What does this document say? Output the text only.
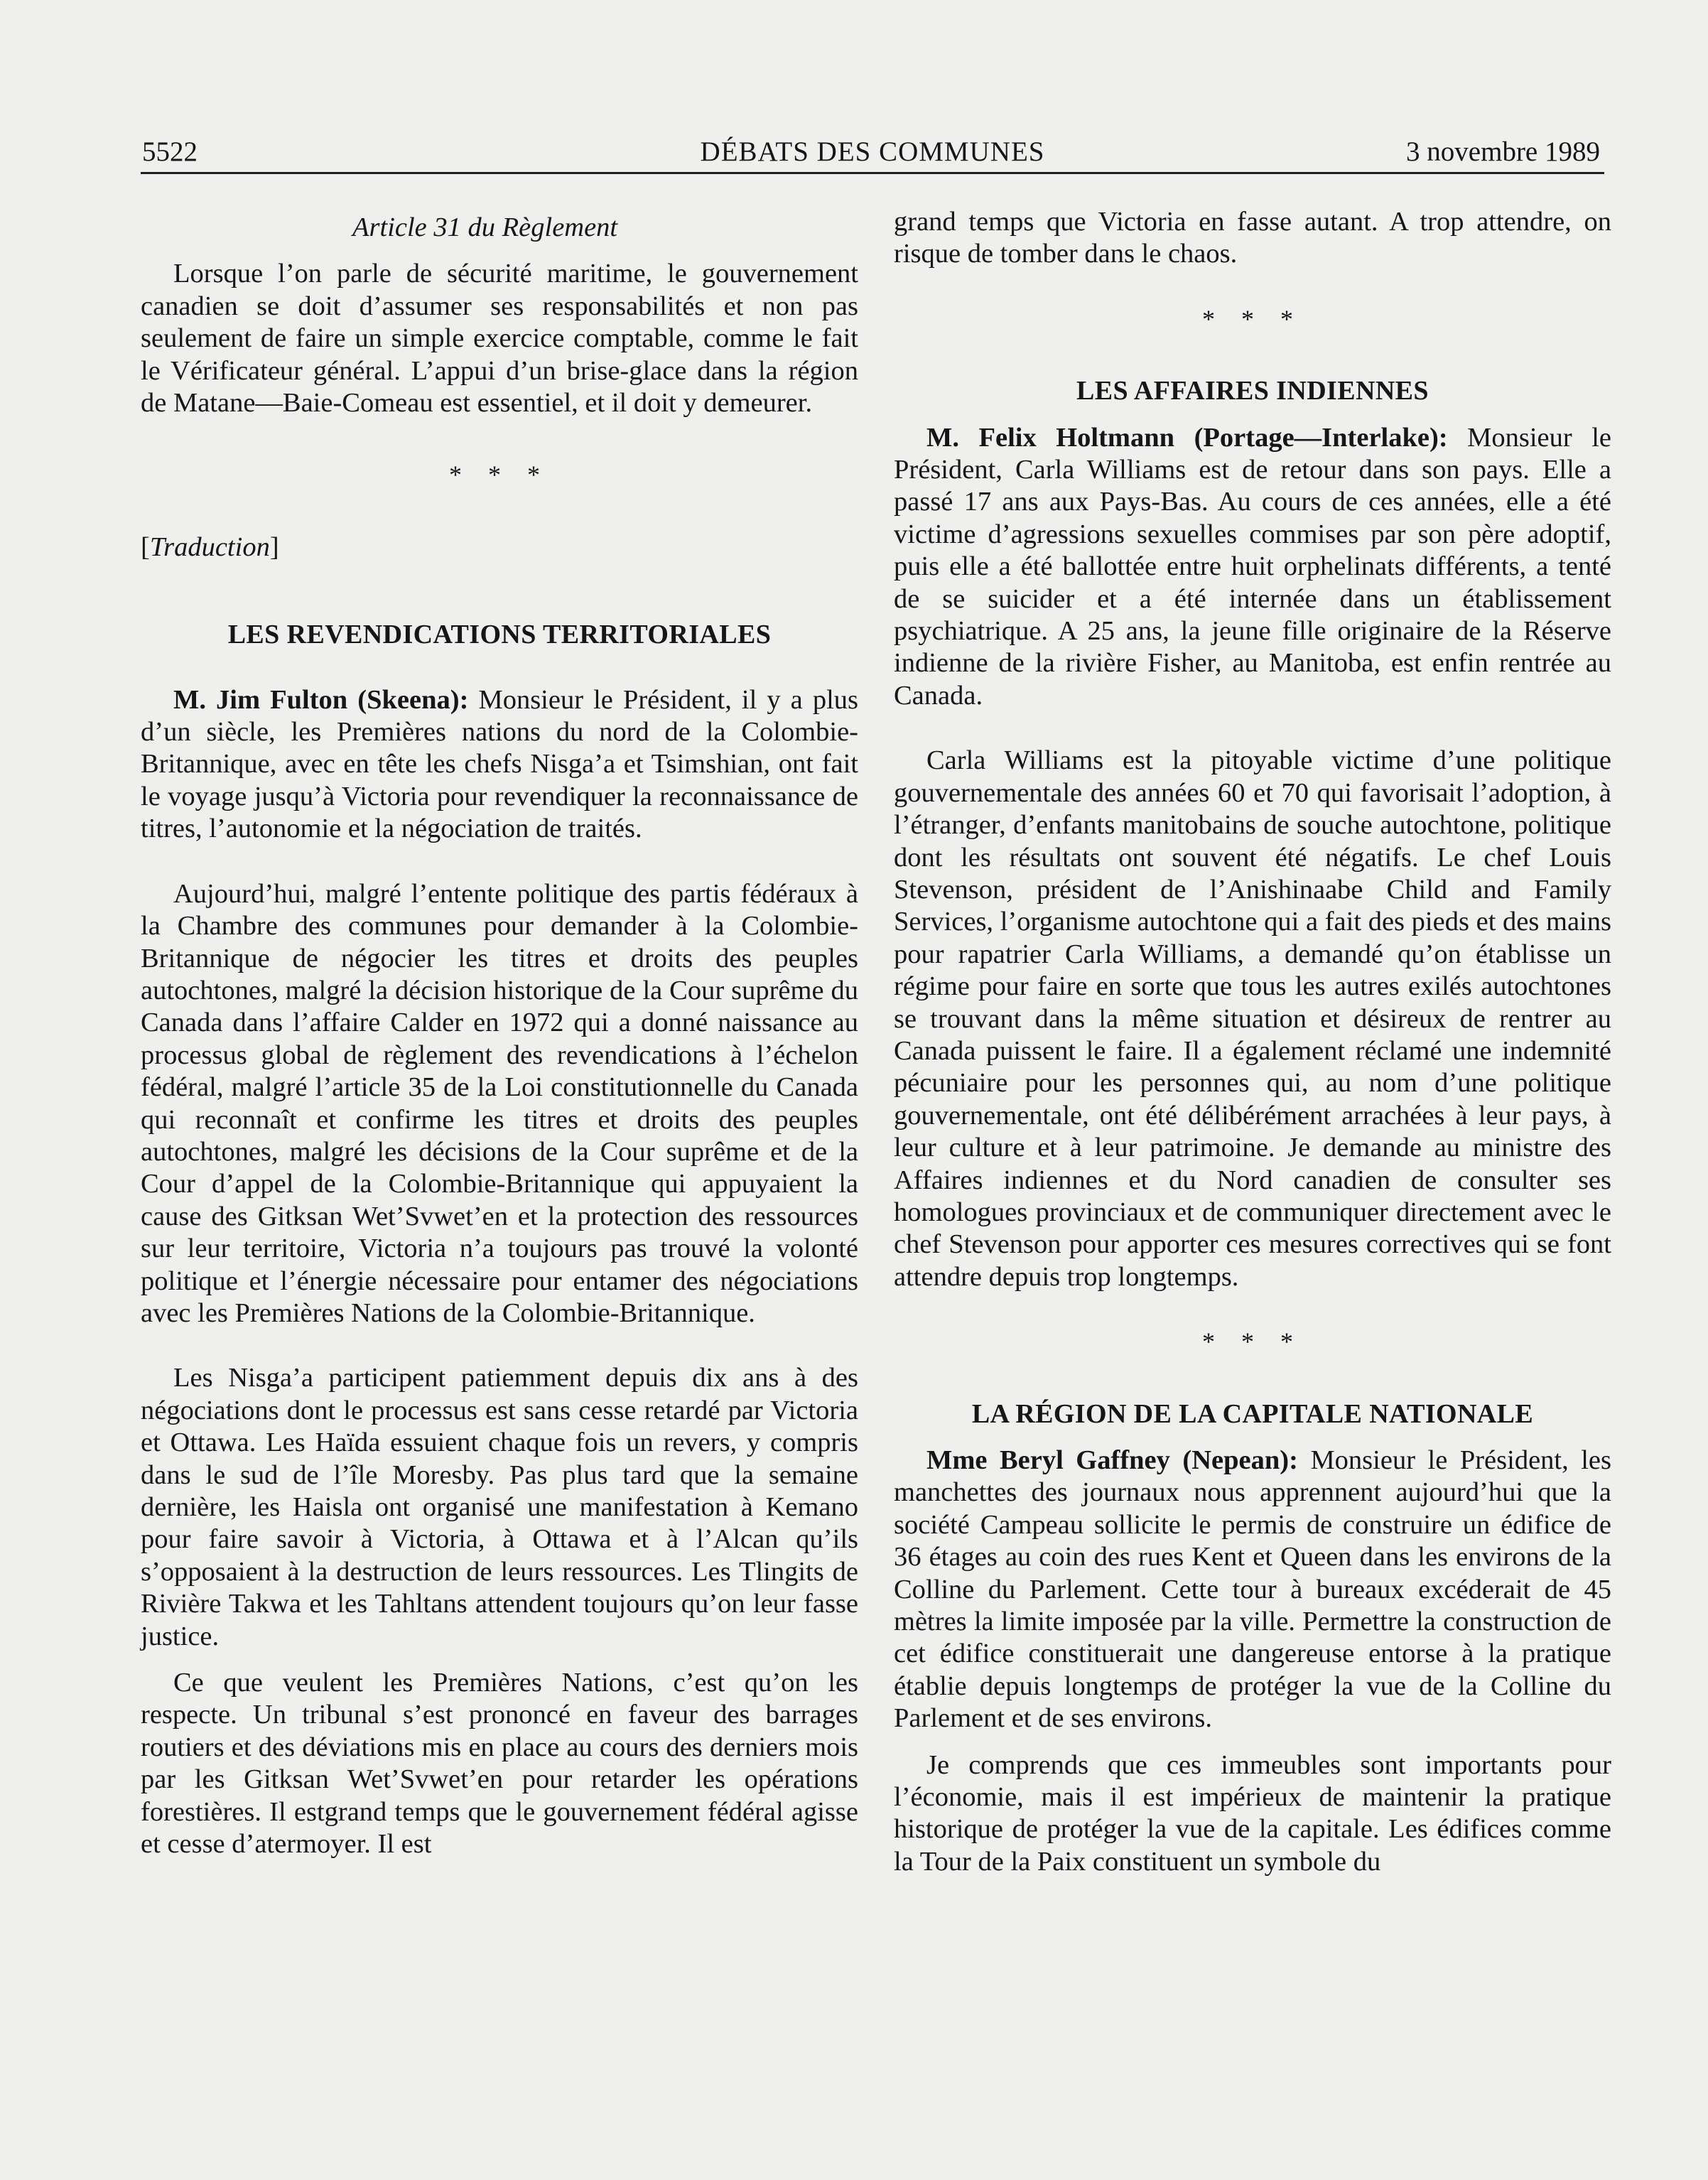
5522	DÉBATS DES COMMUNES	3 novembre 1989
Article 31 du Règlement

Lorsque l’on parle de sécurité maritime, le gouvernement canadien se doit d’assumer ses responsabilités et non pas seulement de faire un simple exercice comptable, comme le fait le Vérificateur général. L’appui d’un brise-glace dans la région de Matane—Baie-Comeau est essentiel, et il doit y demeurer.

* * *
[Traduction]
LES REVENDICATIONS TERRITORIALES

M. Jim Fulton (Skeena): Monsieur le Président, il y a plus d’un siècle, les Premières nations du nord de la Colombie-Britannique, avec en tête les chefs Nisga’a et Tsimshian, ont fait le voyage jusqu’à Victoria pour revendiquer la reconnaissance de titres, l’autonomie et la négociation de traités.

Aujourd’hui, malgré l’entente politique des partis fédéraux à la Chambre des communes pour demander à la Colombie-Britannique de négocier les titres et droits des peuples autochtones, malgré la décision historique de la Cour suprême du Canada dans l’affaire Calder en 1972 qui a donné naissance au processus global de règlement des revendications à l’échelon fédéral, malgré l’article 35 de la Loi constitutionnelle du Canada qui reconnaît et confirme les titres et droits des peuples autochtones, malgré les décisions de la Cour suprême et de la Cour d’appel de la Colombie-Britannique qui appuyaient la cause des Gitksan Wet’Svwet’en et la protection des ressources sur leur territoire, Victoria n’a toujours pas trouvé la volonté politique et l’énergie nécessaire pour entamer des négociations avec les Premières Nations de la Colombie-Britannique.

Les Nisga’a participent patiemment depuis dix ans à des négociations dont le processus est sans cesse retardé par Victoria et Ottawa. Les Haïda essuient chaque fois un revers, y compris dans le sud de l’île Moresby. Pas plus tard que la semaine dernière, les Haisla ont organisé une manifestation à Kemano pour faire savoir à Victoria, à Ottawa et à l’Alcan qu’ils s’opposaient à la destruction de leurs ressources. Les Tlingits de Rivière Takwa et les Tahltans attendent toujours qu’on leur fasse justice.

Ce que veulent les Premières Nations, c’est qu’on les respecte. Un tribunal s’est prononcé en faveur des barrages routiers et des déviations mis en place au cours des derniers mois par les Gitksan Wet’Svwet’en pour retarder les opérations forestières. Il estgrand temps que le gouvernement fédéral agisse et cesse d’atermoyer. Il est

grand temps que Victoria en fasse autant. A trop attendre, on risque de tomber dans le chaos.

* * *
LES AFFAIRES INDIENNES

M. Felix Holtmann (Portage—Interlake): Monsieur le Président, Carla Williams est de retour dans son pays. Elle a passé 17 ans aux Pays-Bas. Au cours de ces années, elle a été victime d’agressions sexuelles commises par son père adoptif, puis elle a été ballottée entre huit orphelinats différents, a tenté de se suicider et a été internée dans un établissement psychiatrique. A 25 ans, la jeune fille originaire de la Réserve indienne de la rivière Fisher, au Manitoba, est enfin rentrée au Canada.

Carla Williams est la pitoyable victime d’une politique gouvernementale des années 60 et 70 qui favorisait l’adoption, à l’étranger, d’enfants manitobains de souche autochtone, politique dont les résultats ont souvent été négatifs. Le chef Louis Stevenson, président de l’Anishinaabe Child and Family Services, l’organisme autochtone qui a fait des pieds et des mains pour rapatrier Carla Williams, a demandé qu’on établisse un régime pour faire en sorte que tous les autres exilés autochtones se trouvant dans la même situation et désireux de rentrer au Canada puissent le faire. Il a également réclamé une indemnité pécuniaire pour les personnes qui, au nom d’une politique gouvernementale, ont été délibérément arrachées à leur pays, à leur culture et à leur patrimoine. Je demande au ministre des Affaires indiennes et du Nord canadien de consulter ses homologues provinciaux et de communiquer directement avec le chef Stevenson pour apporter ces mesures correctives qui se font attendre depuis trop longtemps.

* * *
LA RÉGION DE LA CAPITALE NATIONALE

Mme Beryl Gaffney (Nepean): Monsieur le Président, les manchettes des journaux nous apprennent aujourd’hui que la société Campeau sollicite le permis de construire un édifice de 36 étages au coin des rues Kent et Queen dans les environs de la Colline du Parlement. Cette tour à bureaux excéderait de 45 mètres la limite imposée par la ville. Permettre la construction de cet édifice constituerait une dangereuse entorse à la pratique établie depuis longtemps de protéger la vue de la Colline du Parlement et de ses environs.

Je comprends que ces immeubles sont importants pour l’économie, mais il est impérieux de maintenir la pratique historique de protéger la vue de la capitale. Les édifices comme la Tour de la Paix constituent un symbole du
